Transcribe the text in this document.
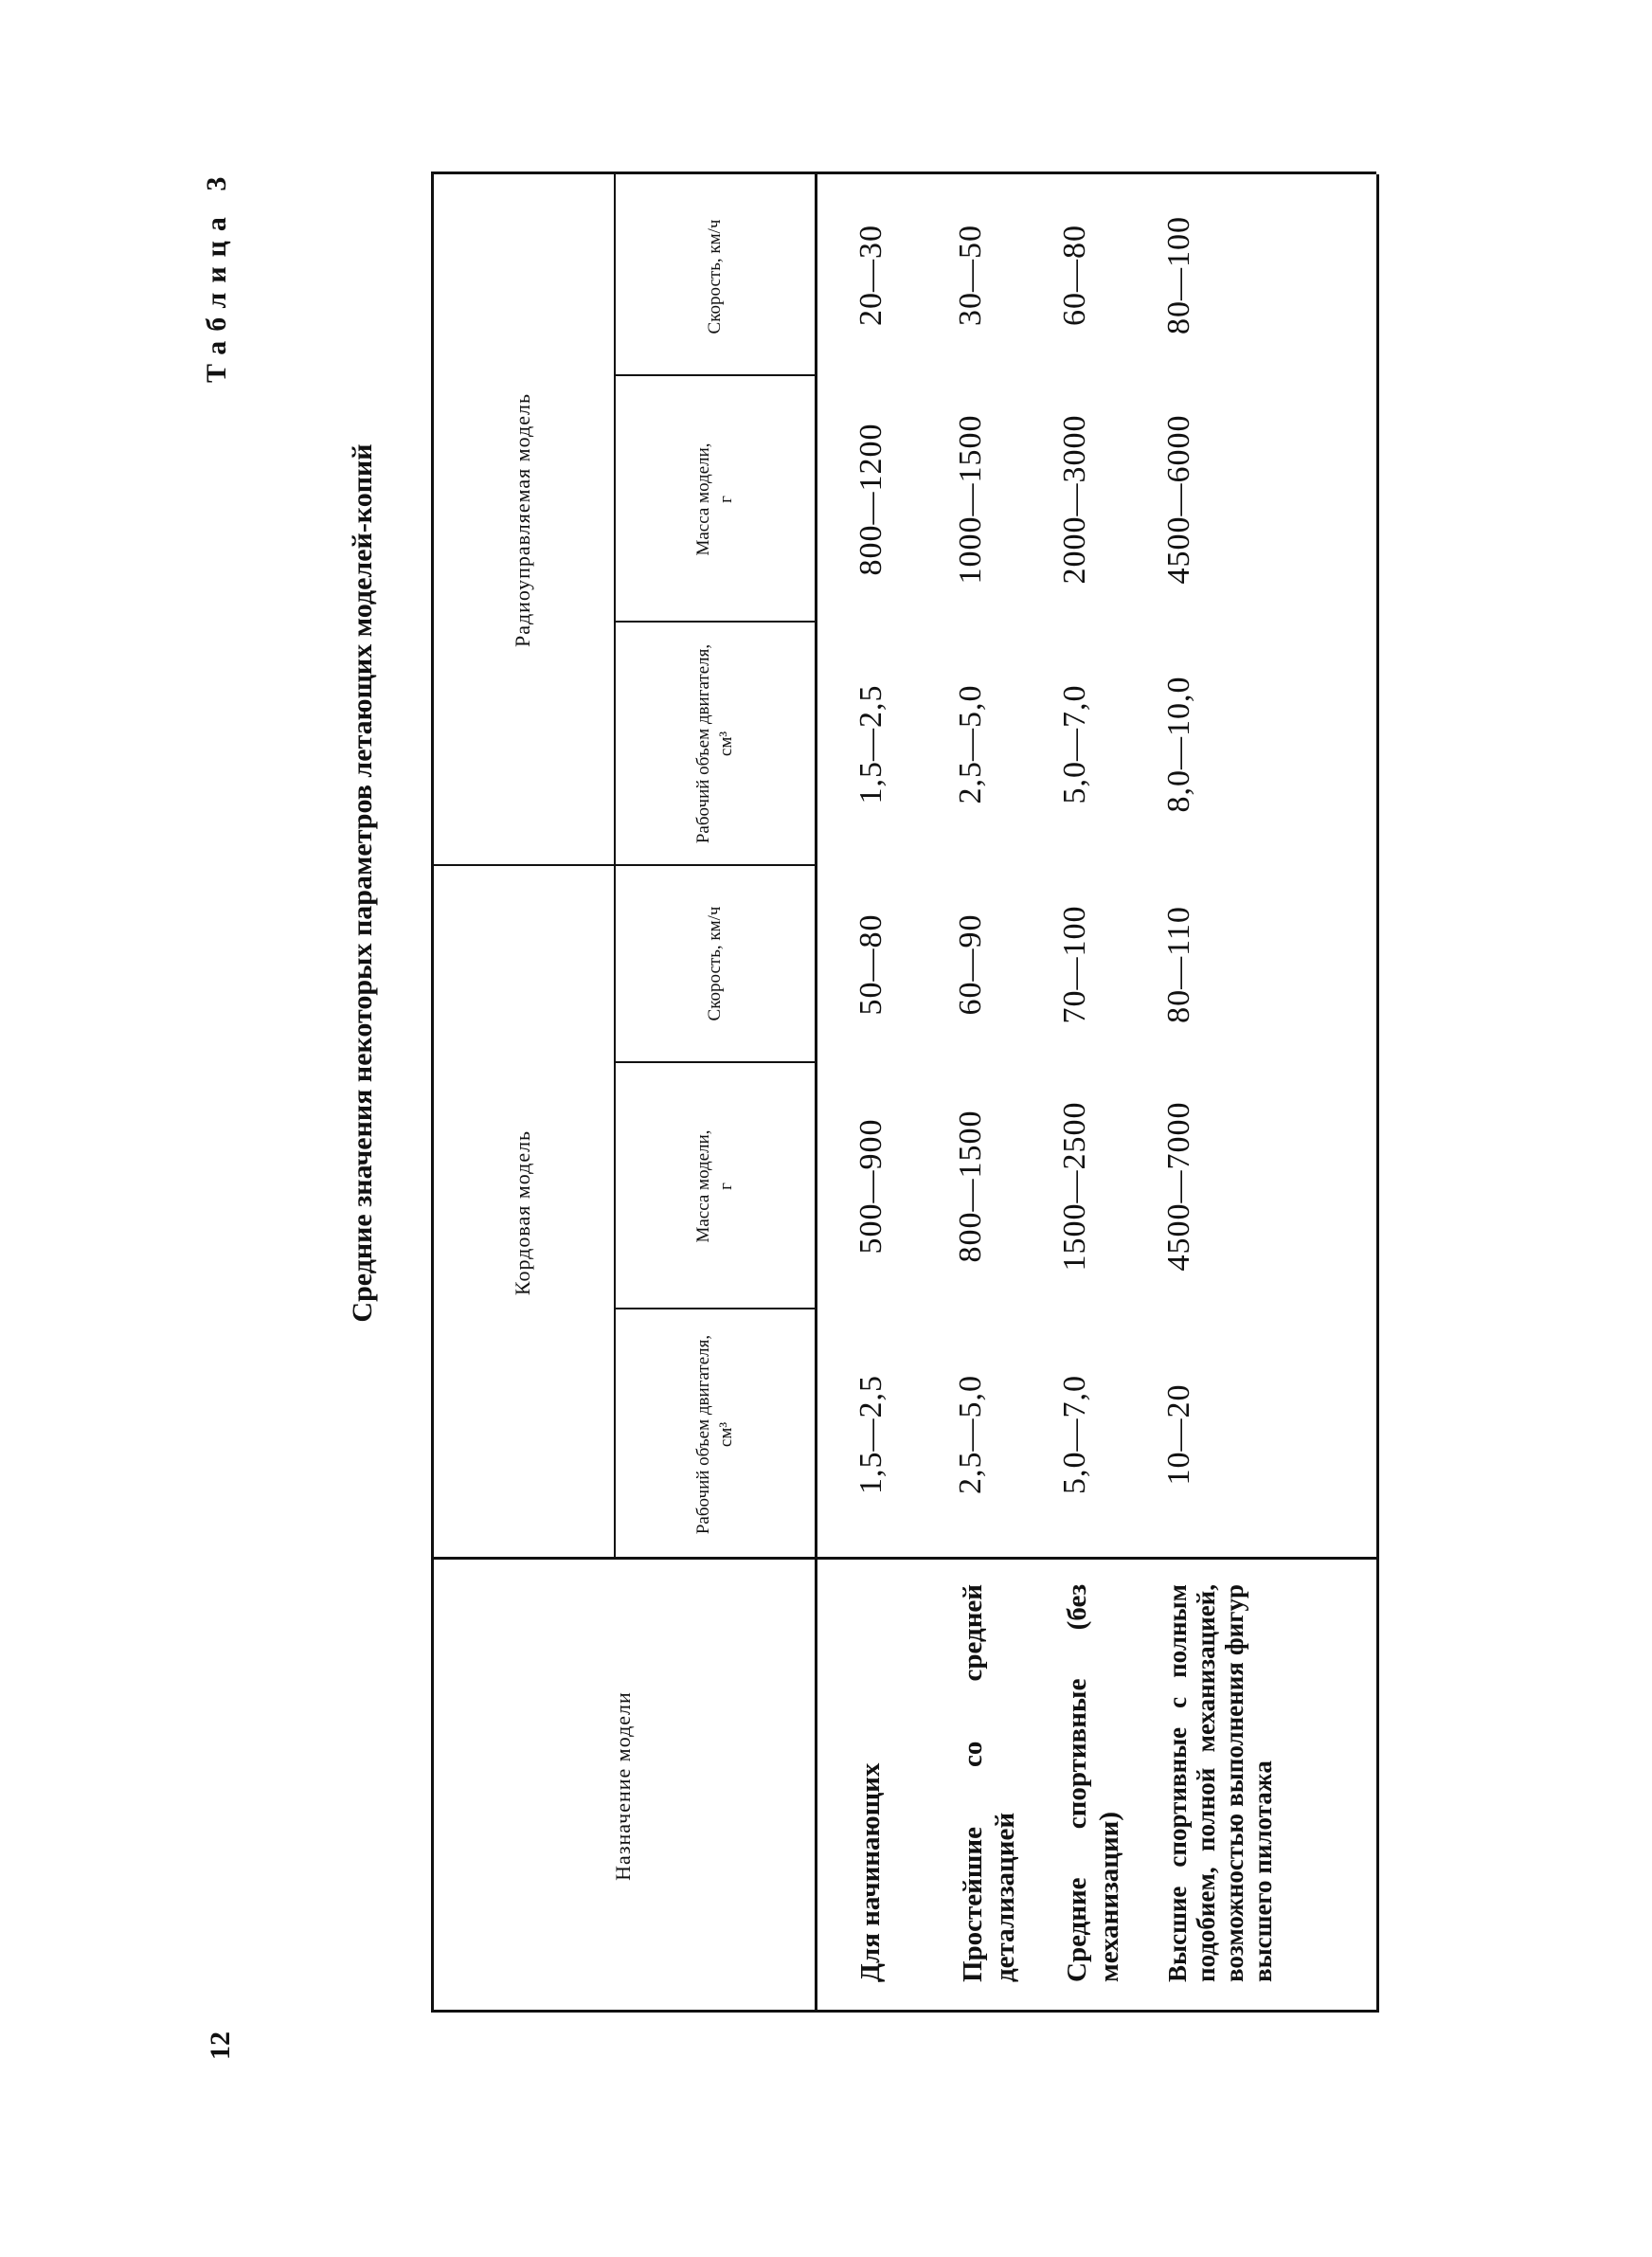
Таблица 3
Средние значения некоторых параметров летающих моделей-копий
12
Назначение модели
Кордовая модель
Радиоуправляемая модель
Рабочий объем двигателя, см³
Масса модели, г
Скорость, км/ч
Рабочий объем двигателя, см³
Масса модели, г
Скорость, км/ч
Для начинающих
1,5—2,5
500—900
50—80
1,5—2,5
800—1200
20—30
Простейшие со средней детализацией
2,5—5,0
800—1500
60—90
2,5—5,0
1000—1500
30—50
Средние спортивные (без механизации)
5,0—7,0
1500—2500
70—100
5,0—7,0
2000—3000
60—80
Высшие спортивные с полным подобием, полной механизацией, возможностью выполнения фигур высшего пилотажа
10—20
4500—7000
80—110
8,0—10,0
4500—6000
80—100
